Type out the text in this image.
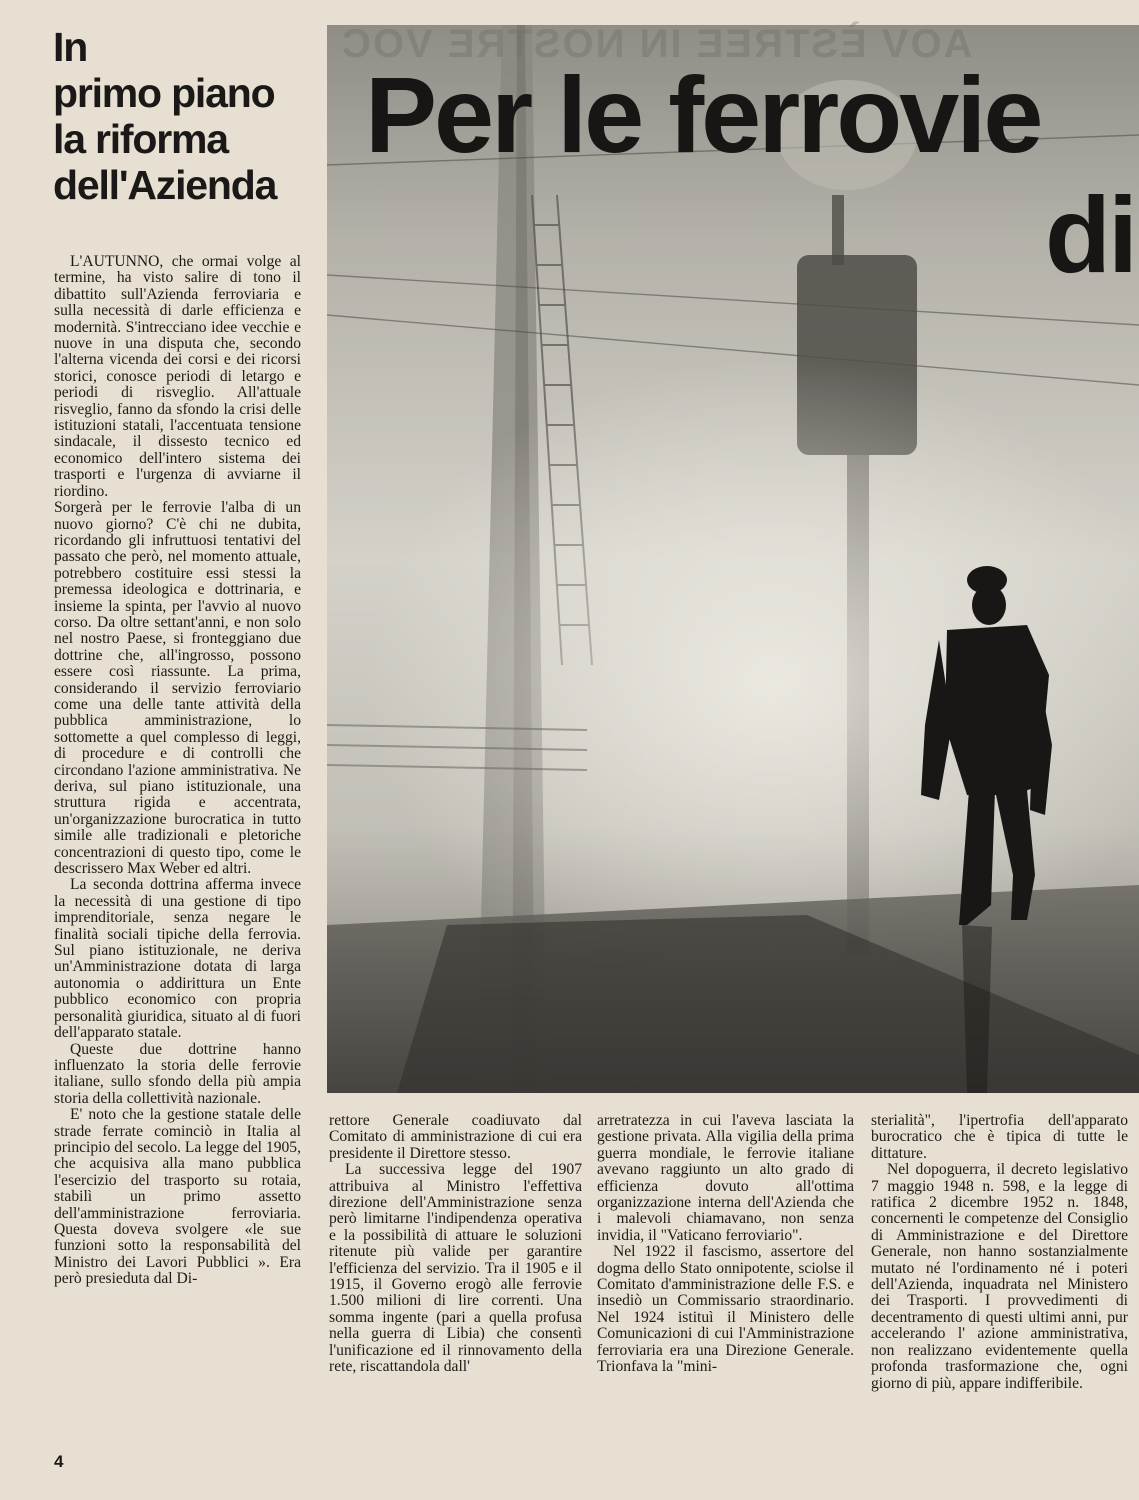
AOV ÈSTREE IN NOSTRE VOC
Per le ferrovie
di
In
primo piano
la riforma
dell'Azienda

L'AUTUNNO, che ormai volge al termine, ha visto salire di tono il dibattito sull'Azienda ferroviaria e sulla necessità di darle efficienza e modernità. S'intrecciano idee vecchie e nuove in una disputa che, secondo l'alterna vicenda dei corsi e dei ricorsi storici, conosce periodi di letargo e periodi di risveglio. All'attuale risveglio, fanno da sfondo la crisi delle istituzioni statali, l'accentuata tensione sindacale, il dissesto tecnico ed economico dell'intero sistema dei trasporti e l'urgenza di avviarne il riordino.

Sorgerà per le ferrovie l'alba di un nuovo giorno? C'è chi ne dubita, ricordando gli infruttuosi tentativi del passato che però, nel momento attuale, potrebbero costituire essi stessi la premessa ideologica e dottrinaria, e insieme la spinta, per l'avvio al nuovo corso. Da oltre settant'anni, e non solo nel nostro Paese, si fronteggiano due dottrine che, all'ingrosso, possono essere così riassunte. La prima, considerando il servizio ferroviario come una delle tante attività della pubblica amministrazione, lo sottomette a quel complesso di leggi, di procedure e di controlli che circondano l'azione amministrativa. Ne deriva, sul piano istituzionale, una struttura rigida e accentrata, un'organizzazione burocratica in tutto simile alle tradizionali e pletoriche concentrazioni di questo tipo, come le descrissero Max Weber ed altri.

La seconda dottrina afferma invece la necessità di una gestione di tipo imprenditoriale, senza negare le finalità sociali tipiche della ferrovia. Sul piano istituzionale, ne deriva un'Amministrazione dotata di larga autonomia o addirittura un Ente pubblico economico con propria personalità giuridica, situato al di fuori dell'apparato statale.

Queste due dottrine hanno influenzato la storia delle ferrovie italiane, sullo sfondo della più ampia storia della collettività nazionale.

E' noto che la gestione statale delle strade ferrate cominciò in Italia al principio del secolo. La legge del 1905, che acquisiva alla mano pubblica l'esercizio del trasporto su rotaia, stabilì un primo assetto dell'amministrazione ferroviaria. Questa doveva svolgere «le sue funzioni sotto la responsabilità del Ministro dei Lavori Pubblici ». Era però presieduta dal Di-

rettore Generale coadiuvato dal Comitato di amministrazione di cui era presidente il Direttore stesso.

La successiva legge del 1907 attribuiva al Ministro l'effettiva direzione dell'Amministrazione senza però limitarne l'indipendenza operativa e la possibilità di attuare le soluzioni ritenute più valide per garantire l'efficienza del servizio. Tra il 1905 e il 1915, il Governo erogò alle ferrovie 1.500 milioni di lire correnti. Una somma ingente (pari a quella profusa nella guerra di Libia) che consentì l'unificazione ed il rinnovamento della rete, riscattandola dall'

arretratezza in cui l'aveva lasciata la gestione privata. Alla vigilia della prima guerra mondiale, le ferrovie italiane avevano raggiunto un alto grado di efficienza dovuto all'ottima organizzazione interna dell'Azienda che i malevoli chiamavano, non senza invidia, il "Vaticano ferroviario".

Nel 1922 il fascismo, assertore del dogma dello Stato onnipotente, sciolse il Comitato d'amministrazione delle F.S. e insediò un Commissario straordinario. Nel 1924 istituì il Ministero delle Comunicazioni di cui l'Amministrazione ferroviaria era una Direzione Generale. Trionfava la "mini-

sterialità", l'ipertrofia dell'apparato burocratico che è tipica di tutte le dittature.

Nel dopoguerra, il decreto legislativo 7 maggio 1948 n. 598, e la legge di ratifica 2 dicembre 1952 n. 1848, concernenti le competenze del Consiglio di Amministrazione e del Direttore Generale, non hanno sostanzialmente mutato né l'ordinamento né i poteri dell'Azienda, inquadrata nel Ministero dei Trasporti. I provvedimenti di decentramento di questi ultimi anni, pur accelerando l' azione amministrativa, non realizzano evidentemente quella profonda trasformazione che, ogni giorno di più, appare indifferibile.

4
